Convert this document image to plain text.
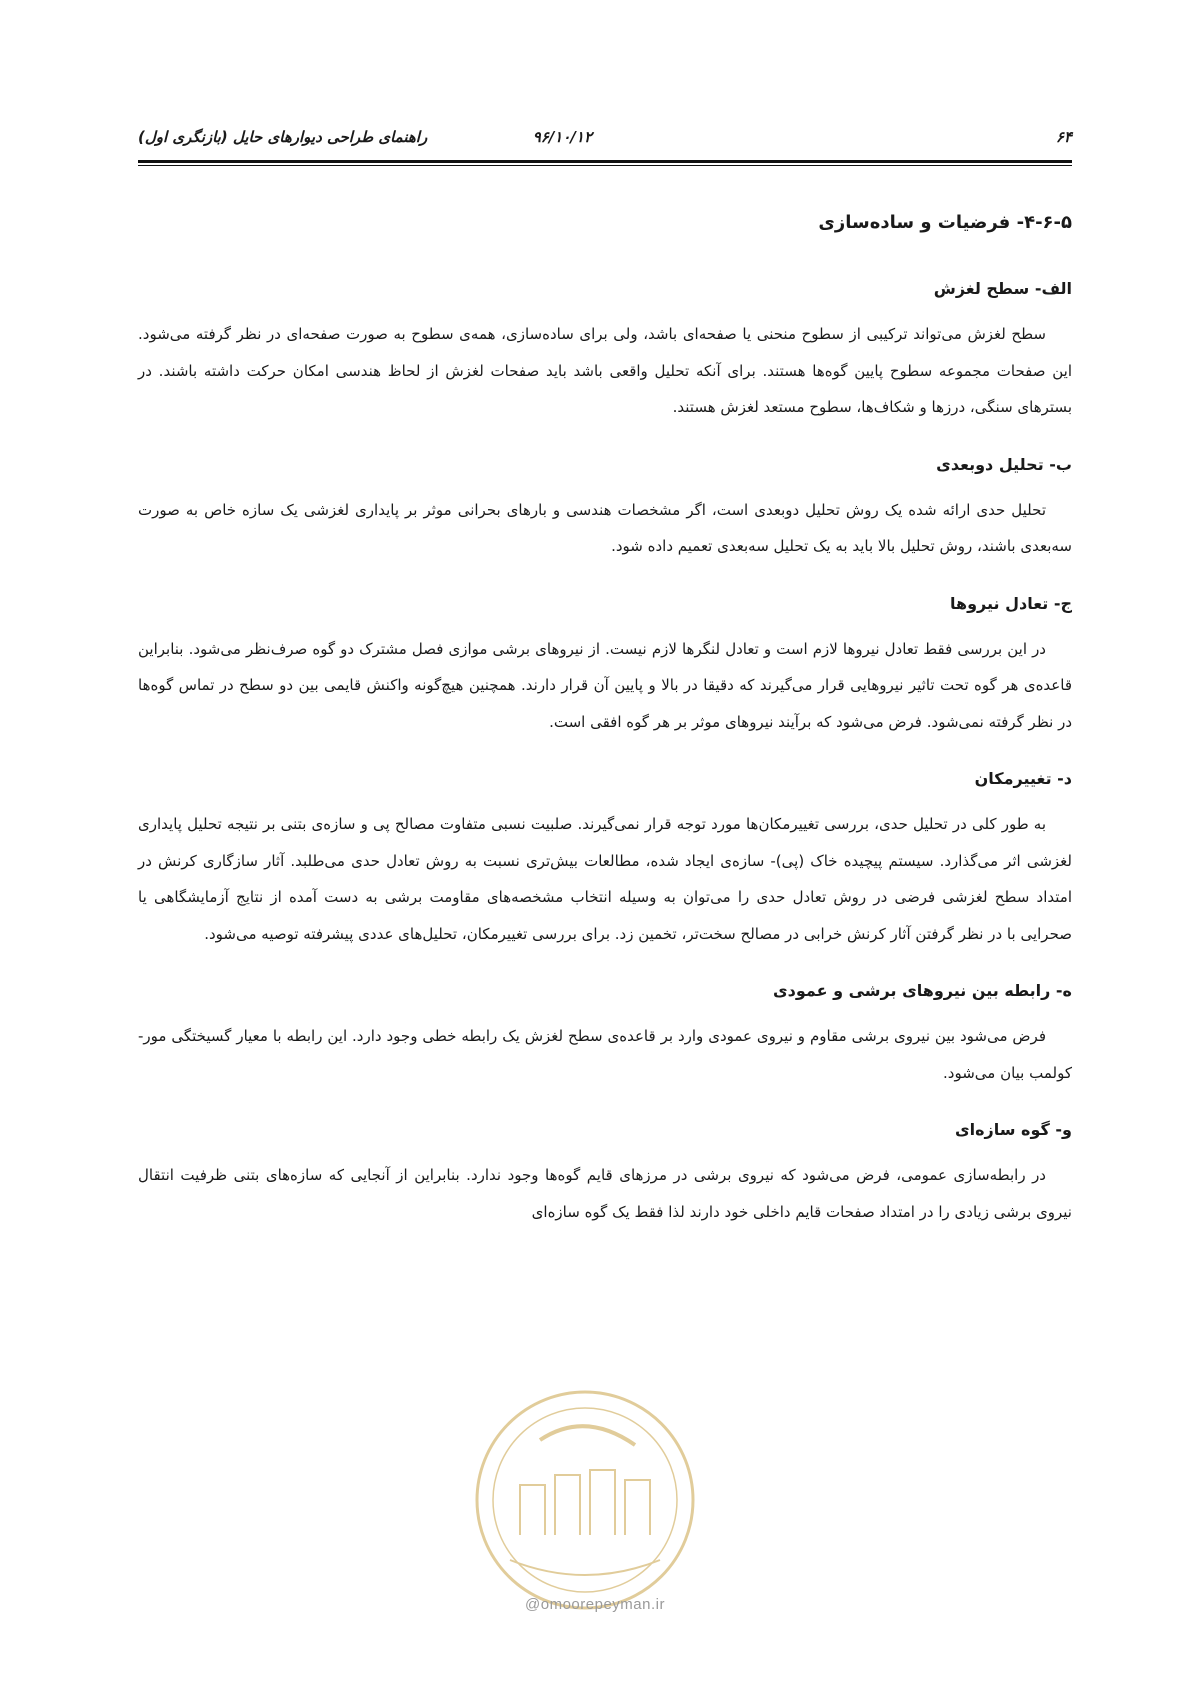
۶۴
۹۶/۱۰/۱۲
راهنمای طراحی دیوارهای حایل (بازنگری اول)
۴-۶-۵- فرضیات و ساده‌سازی
الف- سطح لغزش

سطح لغزش می‌تواند ترکیبی از سطوح منحنی یا صفحه‌ای باشد، ولی برای ساده‌سازی، همه‌ی سطوح به صورت صفحه‌ای در نظر گرفته می‌شود. این صفحات مجموعه سطوح پایین گوه‌ها هستند. برای آنکه تحلیل واقعی باشد باید صفحات لغزش از لحاظ هندسی امکان حرکت داشته باشند. در بسترهای سنگی، درزها و شکاف‌ها، سطوح مستعد لغزش هستند.

ب- تحلیل دوبعدی

تحلیل حدی ارائه شده یک روش تحلیل دوبعدی است، اگر مشخصات هندسی و بارهای بحرانی موثر بر پایداری لغزشی یک سازه خاص به صورت سه‌بعدی باشند، روش تحلیل بالا باید به یک تحلیل سه‌بعدی تعمیم داده شود.

ج- تعادل نیروها

در این بررسی فقط تعادل نیروها لازم است و تعادل لنگرها لازم نیست. از نیروهای برشی موازی فصل مشترک دو گوه صرف‌نظر می‌شود. بنابراین قاعده‌ی هر گوه تحت تاثیر نیروهایی قرار می‌گیرند که دقیقا در بالا و پایین آن قرار دارند. همچنین هیچ‌گونه واکنش قایمی بین دو سطح در تماس گوه‌ها در نظر گرفته نمی‌شود. فرض می‌شود که برآیند نیروهای موثر بر هر گوه افقی است.

د- تغییرمکان

به طور کلی در تحلیل حدی، بررسی تغییرمکان‌ها مورد توجه قرار نمی‌گیرند. صلبیت نسبی متفاوت مصالح پی و سازه‌ی بتنی بر نتیجه تحلیل پایداری لغزشی اثر می‌گذارد. سیستم پیچیده خاک (پی)- سازه‌ی ایجاد شده، مطالعات بیش‌تری نسبت به روش تعادل حدی می‌طلبد. آثار سازگاری کرنش در امتداد سطح لغزشی فرضی در روش تعادل حدی را می‌توان به وسیله انتخاب مشخصه‌های مقاومت برشی به دست آمده از نتایج آزمایشگاهی یا صحرایی با در نظر گرفتن آثار کرنش خرابی در مصالح سخت‌تر، تخمین زد. برای بررسی تغییرمکان، تحلیل‌های عددی پیشرفته توصیه می‌شود.

ه- رابطه بین نیروهای برشی و عمودی

فرض می‌شود بین نیروی برشی مقاوم و نیروی عمودی وارد بر قاعده‌ی سطح لغزش یک رابطه خطی وجود دارد. این رابطه با معیار گسیختگی مور- کولمب بیان می‌شود.

و- گوه سازه‌ای

در رابطه‌سازی عمومی، فرض می‌شود که نیروی برشی در مرزهای قایم گوه‌ها وجود ندارد. بنابراین از آنجایی که سازه‌های بتنی ظرفیت انتقال نیروی برشی زیادی را در امتداد صفحات قایم داخلی خود دارند لذا فقط یک گوه سازه‌ای

@omoorepeyman.ir
